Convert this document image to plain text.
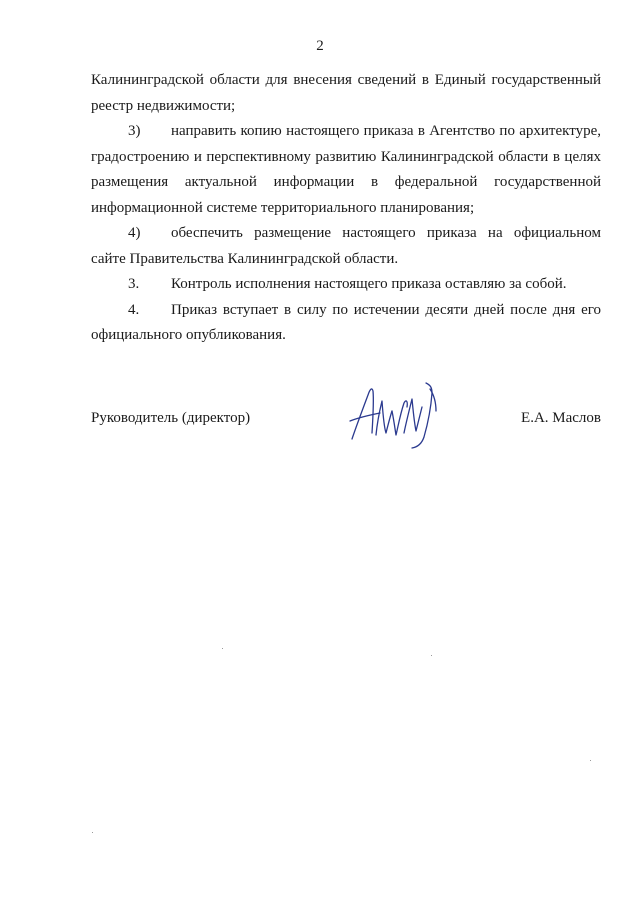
2

Калининградской области для внесения сведений в Единый государственный реестр недвижимости;

3) направить копию настоящего приказа в Агентство по архитектуре, градостроению и перспективному развитию Калининградской области в целях размещения актуальной информации в федеральной государственной информационной системе территориального планирования;

4) обеспечить размещение настоящего приказа на официальном сайте Правительства Калининградской области.

3. Контроль исполнения настоящего приказа оставляю за собой.

4. Приказ вступает в силу по истечении десяти дней после дня его официального опубликования.

Руководитель (директор)	Е.А. Маслов
